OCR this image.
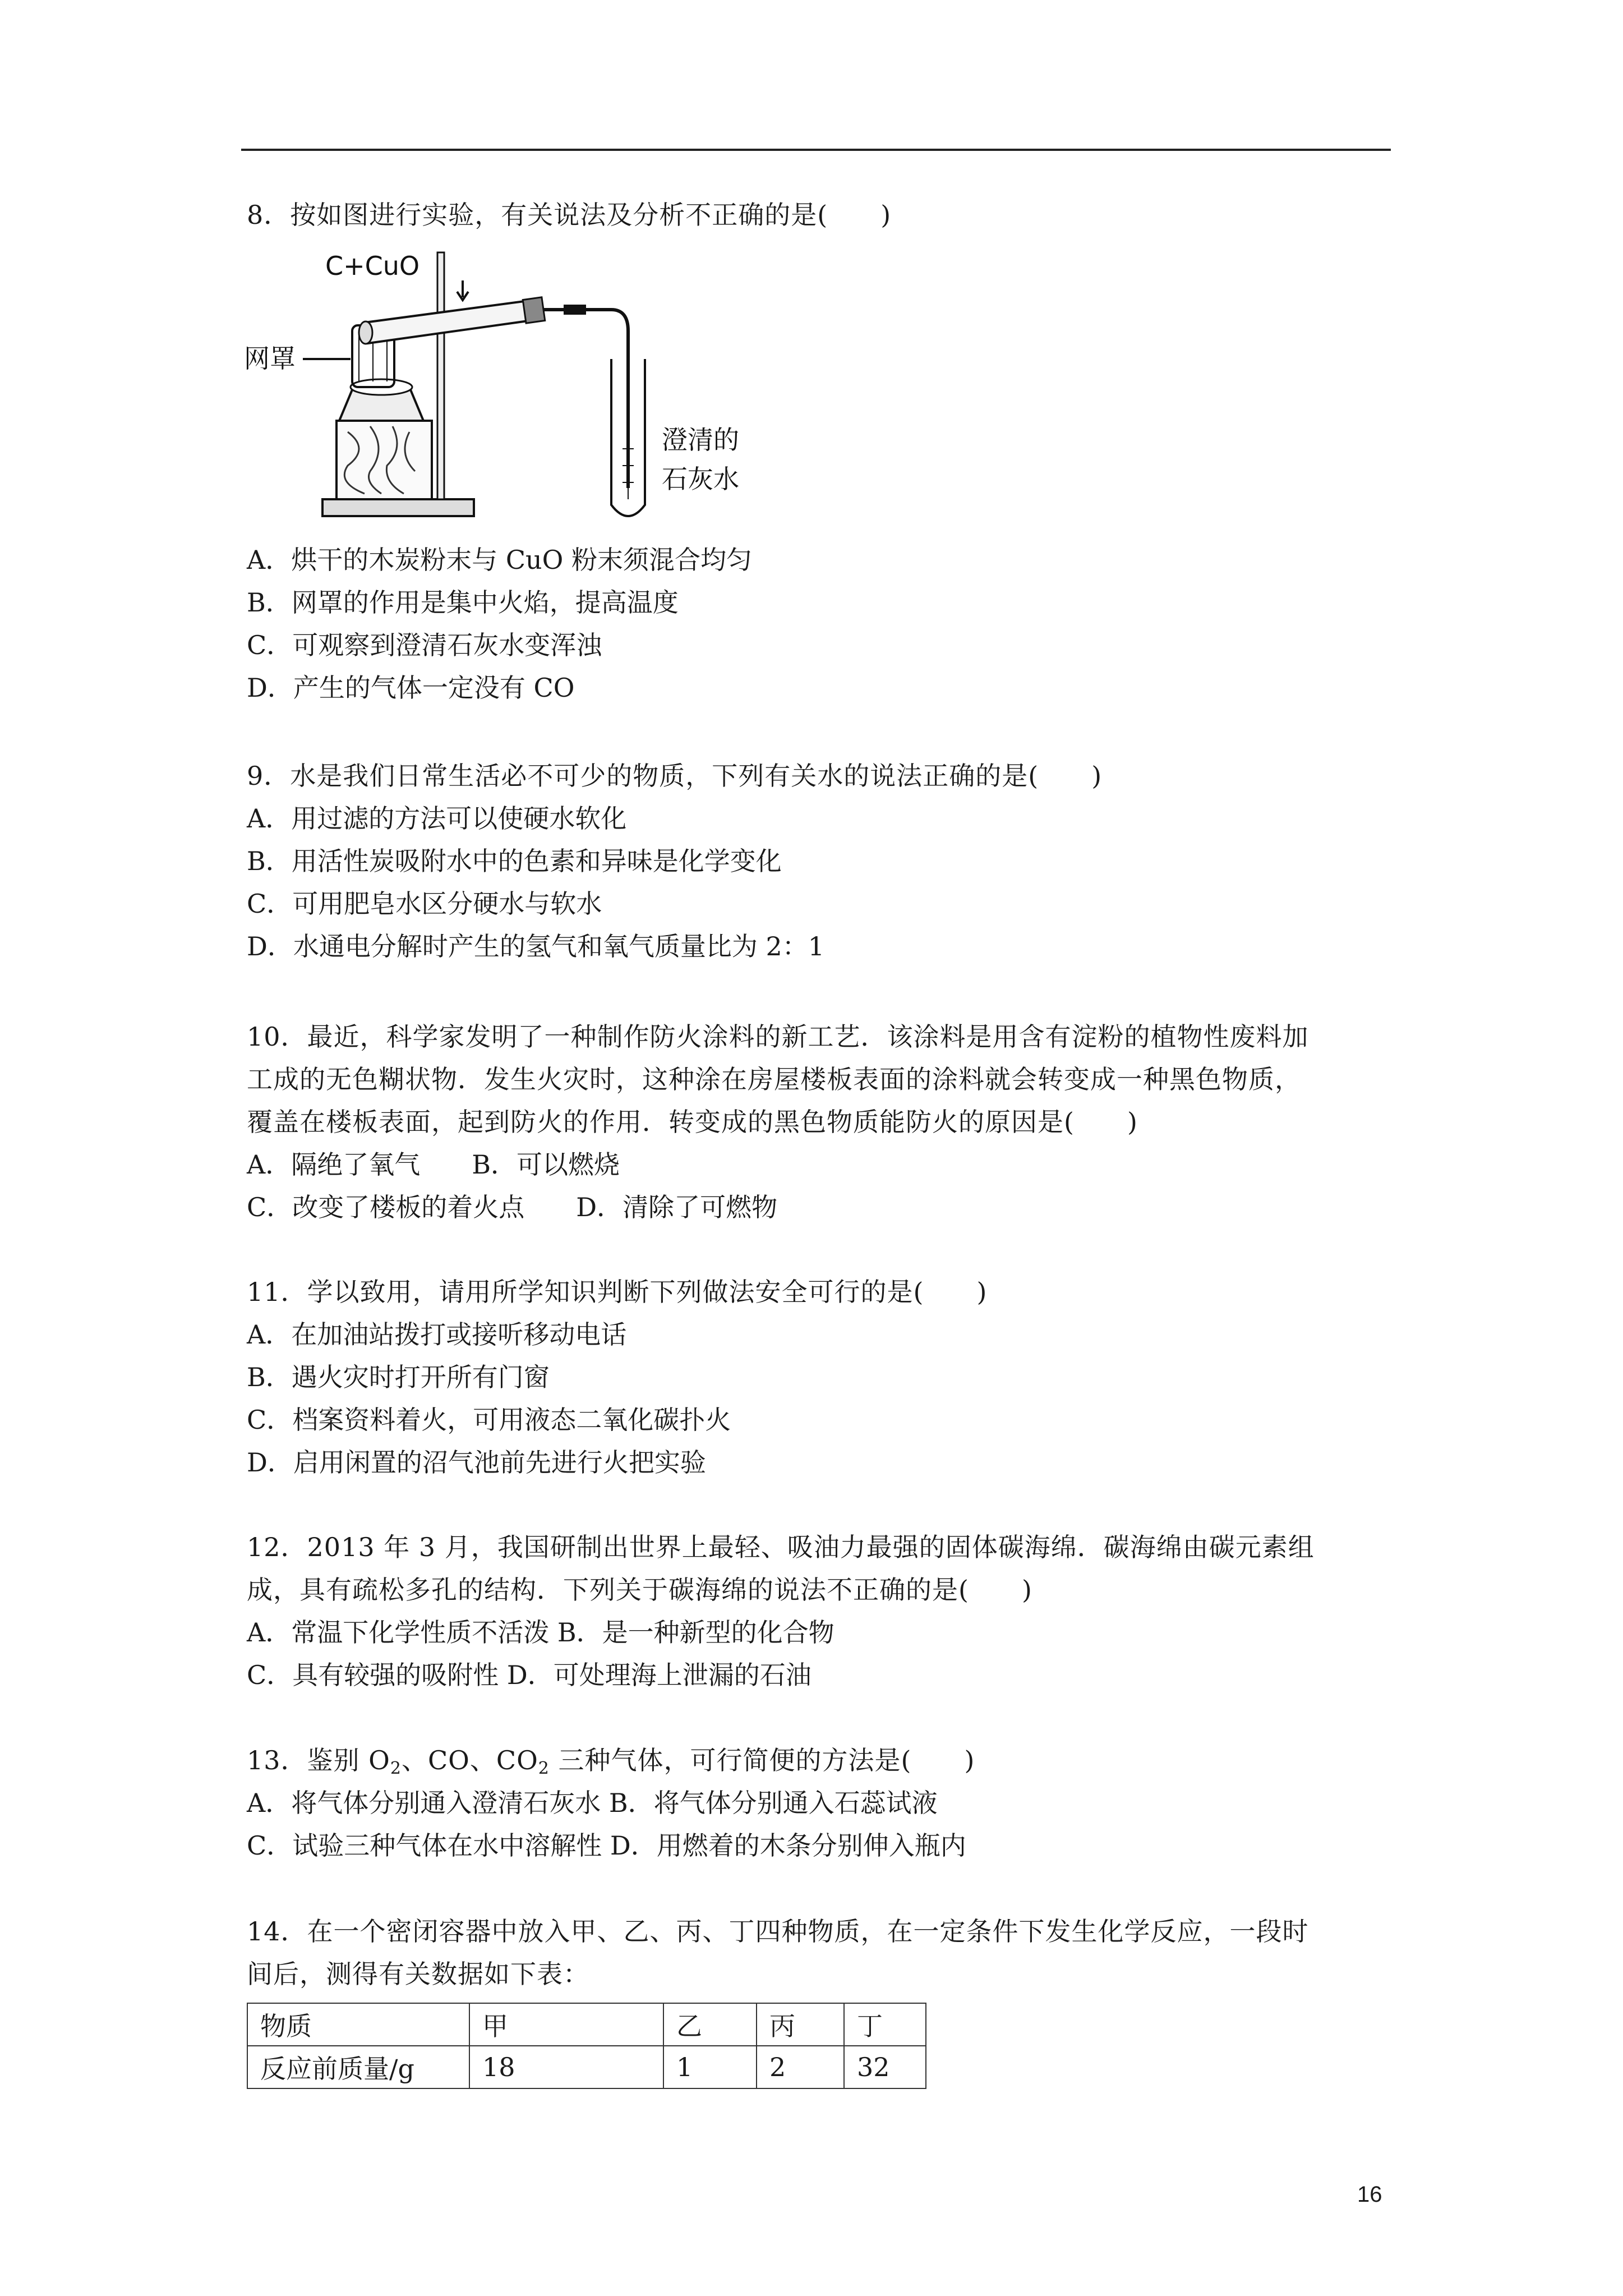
8．按如图进行实验，有关说法及分析不正确的是(　　)

C+CuO
网罩
澄清的
石灰水

A．烘干的木炭粉末与 CuO 粉末须混合均匀

B．网罩的作用是集中火焰，提高温度

C．可观察到澄清石灰水变浑浊

D．产生的气体一定没有 CO

9．水是我们日常生活必不可少的物质，下列有关水的说法正确的是(　　)

A．用过滤的方法可以使硬水软化

B．用活性炭吸附水中的色素和异味是化学变化

C．可用肥皂水区分硬水与软水

D．水通电分解时产生的氢气和氧气质量比为 2：1

10．最近，科学家发明了一种制作防火涂料的新工艺．该涂料是用含有淀粉的植物性废料加

工成的无色糊状物．发生火灾时，这种涂在房屋楼板表面的涂料就会转变成一种黑色物质，

覆盖在楼板表面，起到防火的作用．转变成的黑色物质能防火的原因是(　　)

A．隔绝了氧气　　B．可以燃烧

C．改变了楼板的着火点　　D．清除了可燃物

11．学以致用，请用所学知识判断下列做法安全可行的是(　　)

A．在加油站拨打或接听移动电话

B．遇火灾时打开所有门窗

C．档案资料着火，可用液态二氧化碳扑火

D．启用闲置的沼气池前先进行火把实验

12．2013 年 3 月，我国研制出世界上最轻、吸油力最强的固体碳海绵．碳海绵由碳元素组

成，具有疏松多孔的结构．下列关于碳海绵的说法不正确的是(　　)

A．常温下化学性质不活泼 B．是一种新型的化合物

C．具有较强的吸附性 D．可处理海上泄漏的石油

13．鉴别 $O_2$、CO、$CO_2$ 三种气体，可行简便的方法是(　　)

A．将气体分别通入澄清石灰水 B．将气体分别通入石蕊试液

C．试验三种气体在水中溶解性 D．用燃着的木条分别伸入瓶内

14．在一个密闭容器中放入甲、乙、丙、丁四种物质，在一定条件下发生化学反应，一段时

间后，测得有关数据如下表：

物质	甲	乙	丙	丁
反应前质量/g	18	1	2	32
16
